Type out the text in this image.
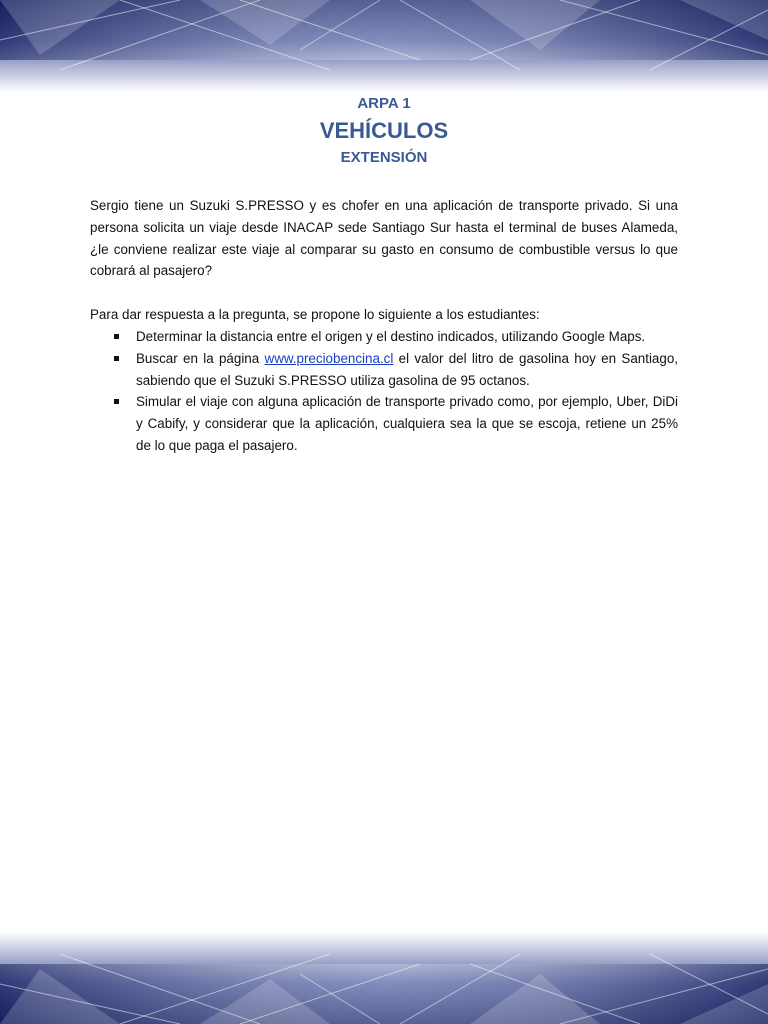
ARPA 1
VEHÍCULOS
EXTENSIÓN

Sergio tiene un Suzuki S.PRESSO y es chofer en una aplicación de transporte privado. Si una persona solicita un viaje desde INACAP sede Santiago Sur hasta el terminal de buses Alameda, ¿le conviene realizar este viaje al comparar su gasto en consumo de combustible versus lo que cobrará al pasajero?

Para dar respuesta a la pregunta, se propone lo siguiente a los estudiantes:

Determinar la distancia entre el origen y el destino indicados, utilizando Google Maps.
Buscar en la página www.preciobencina.cl el valor del litro de gasolina hoy en Santiago, sabiendo que el Suzuki S.PRESSO utiliza gasolina de 95 octanos.
Simular el viaje con alguna aplicación de transporte privado como, por ejemplo, Uber, DiDi y Cabify, y considerar que la aplicación, cualquiera sea la que se escoja, retiene un 25% de lo que paga el pasajero.
